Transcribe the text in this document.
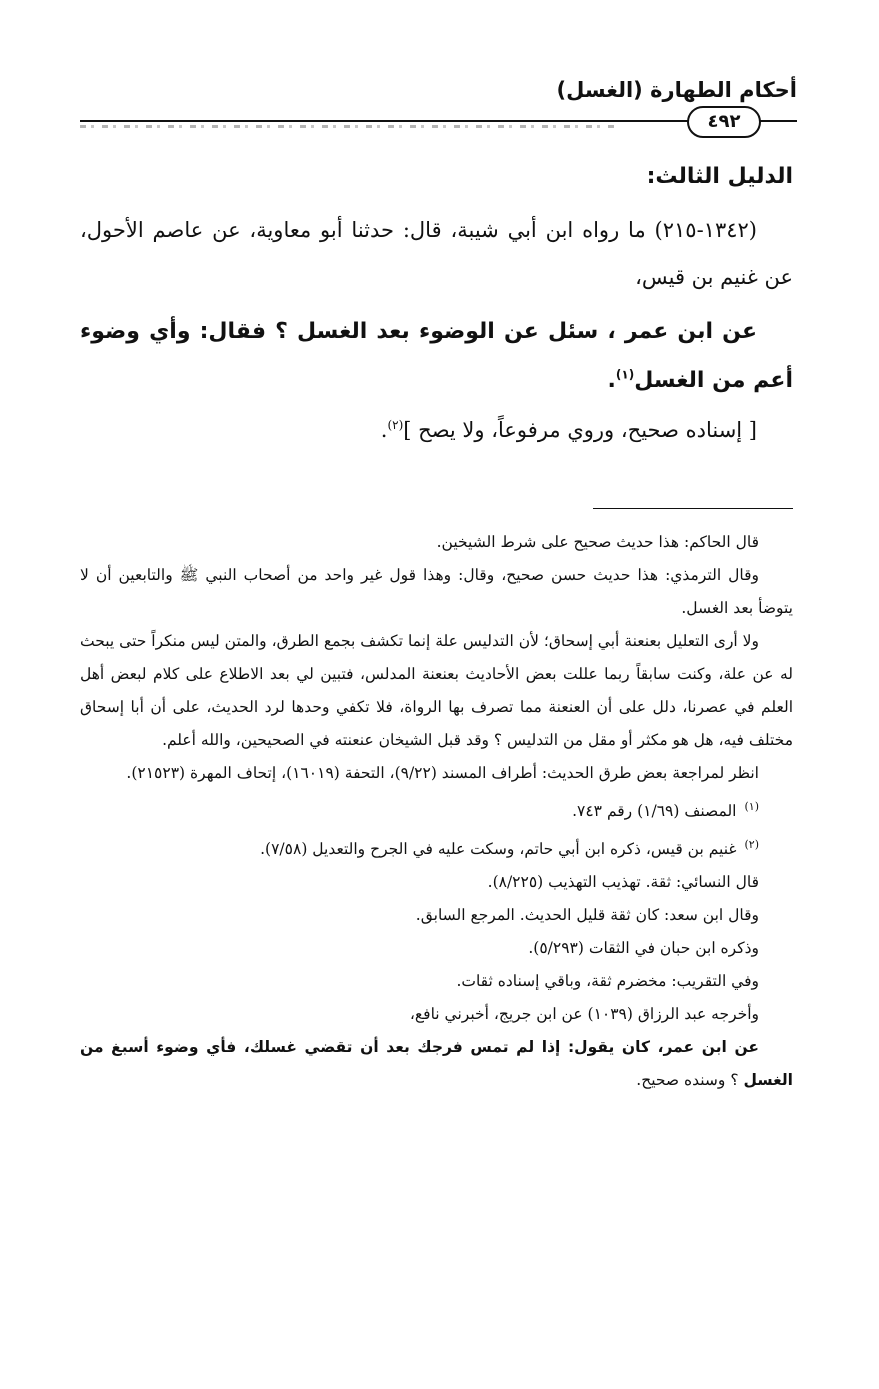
أحكام الطهارة (الغسل)
٤٩٢

الدليل الثالث:

(١٣٤٢-٢١٥) ما رواه ابن أبي شيبة، قال: حدثنا أبو معاوية، عن عاصم الأحول، عن غنيم بن قيس،

عن ابن عمر ، سئل عن الوضوء بعد الغسل ؟ فقال: وأي وضوء أعم من الغسل$^{(١)}$.

[ إسناده صحيح، وروي مرفوعاً، ولا يصح ]$^{(٢)}$.

قال الحاكم: هذا حديث صحيح على شرط الشيخين.

وقال الترمذي: هذا حديث حسن صحيح، وقال: وهذا قول غير واحد من أصحاب النبي ﷺ والتابعين أن لا يتوضأ بعد الغسل.

ولا أرى التعليل بعنعنة أبي إسحاق؛ لأن التدليس علة إنما تكشف بجمع الطرق، والمتن ليس منكراً حتى يبحث له عن علة، وكنت سابقاً ربما عللت بعض الأحاديث بعنعنة المدلس، فتبين لي بعد الاطلاع على كلام لبعض أهل العلم في عصرنا، دلل على أن العنعنة مما تصرف بها الرواة، فلا تكفي وحدها لرد الحديث، على أن أبا إسحاق مختلف فيه، هل هو مكثر أو مقل من التدليس ؟ وقد قبل الشيخان عنعنته في الصحيحين، والله أعلم.

انظر لمراجعة بعض طرق الحديث: أطراف المسند (٩/٢٢)، التحفة (١٦٠١٩)، إتحاف المهرة (٢١٥٢٣).

$^{(١)}$المصنف (١/٦٩) رقم ٧٤٣.

$^{(٢)}$غنيم بن قيس، ذكره ابن أبي حاتم، وسكت عليه في الجرح والتعديل (٧/٥٨).

قال النسائي: ثقة. تهذيب التهذيب (٨/٢٢٥).

وقال ابن سعد: كان ثقة قليل الحديث. المرجع السابق.

وذكره ابن حبان في الثقات (٥/٢٩٣).

وفي التقريب: مخضرم ثقة، وباقي إسناده ثقات.

وأخرجه عبد الرزاق (١٠٣٩) عن ابن جريج، أخبرني نافع،

عن ابن عمر، كان يقول: إذا لم تمس فرجك بعد أن تقضي غسلك، فأي وضوء أسبغ من الغسل ؟ وسنده صحيح.
